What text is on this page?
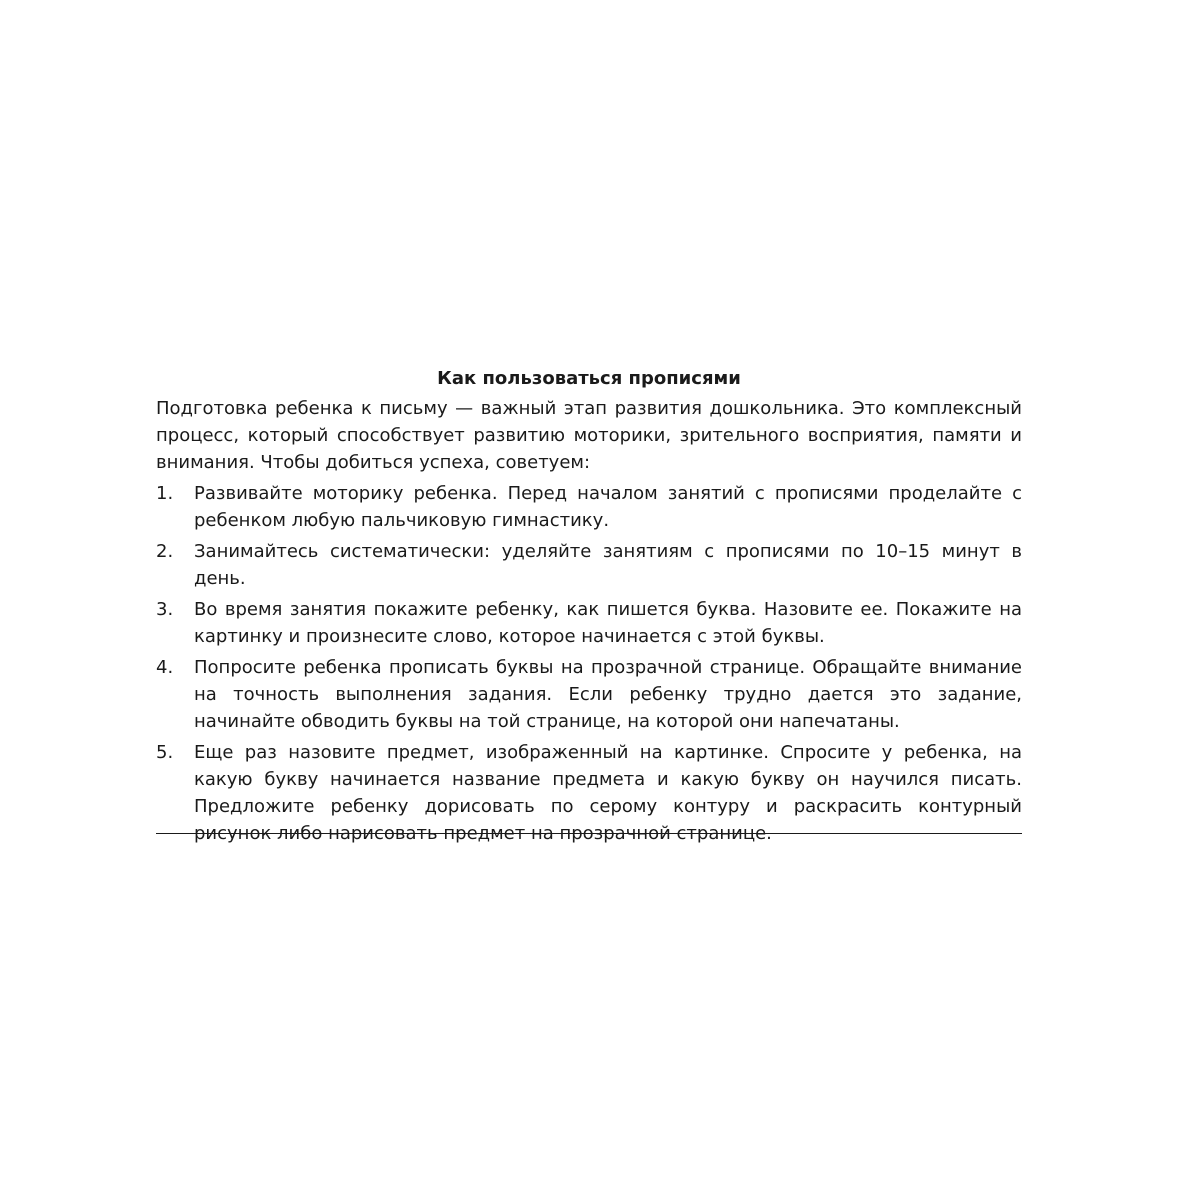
Как пользоваться прописями

Подготовка ребенка к письму — важный этап развития дошкольника. Это комплексный процесс, который способствует развитию моторики, зрительного восприятия, памяти и внимания. Чтобы добиться успеха, советуем:

1.	Развивайте моторику ребенка. Перед началом занятий с прописями проделайте с ребенком любую пальчиковую гимнастику.
2.	Занимайтесь систематически: уделяйте занятиям с прописями по 10–15 минут в день.
3.	Во время занятия покажите ребенку, как пишется буква. Назовите ее. Покажите на картинку и произнесите слово, которое начинается с этой буквы.
4.	Попросите ребенка прописать буквы на прозрачной странице. Обращайте внимание на точность выполнения задания. Если ребенку трудно дается это задание, начинайте обводить буквы на той странице, на которой они напечатаны.
5.	Еще раз назовите предмет, изображенный на картинке. Спросите у ребенка, на какую букву начинается название предмета и какую букву он научился писать. Предложите ребенку дорисовать по серому контуру и раскрасить контурный рисунок либо нарисовать предмет на прозрачной странице.
